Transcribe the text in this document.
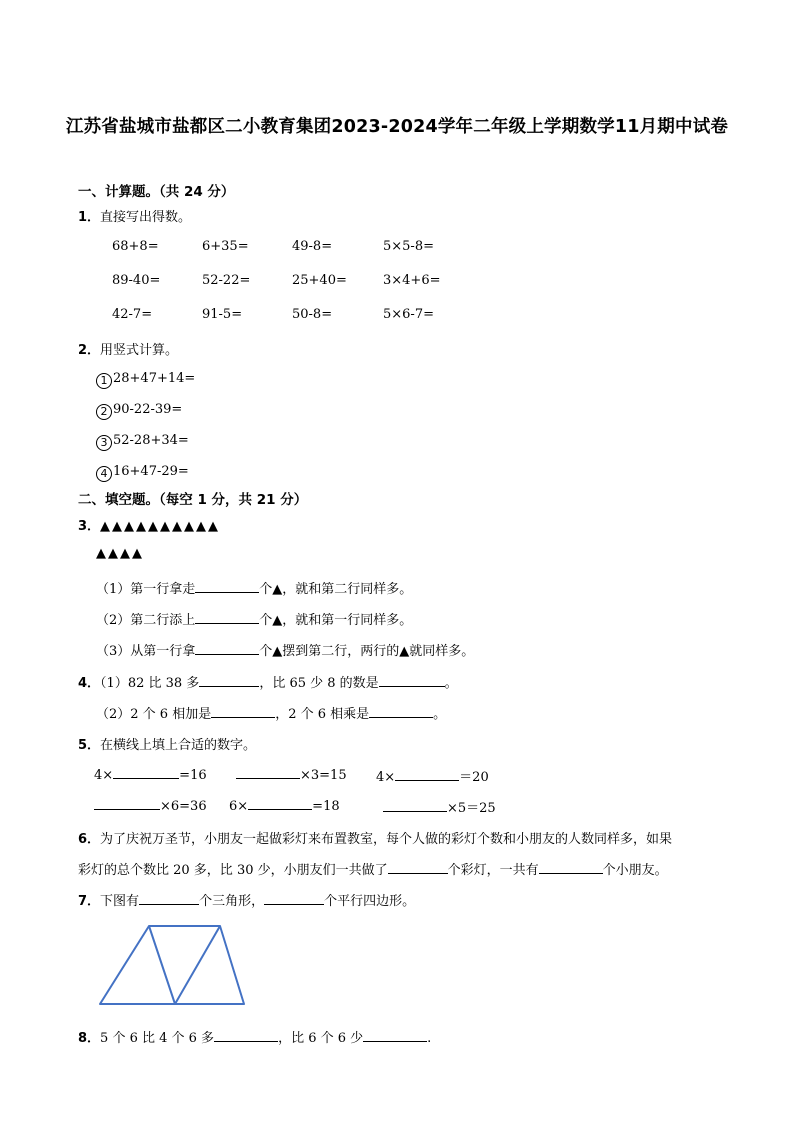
江苏省盐城市盐都区二小教育集团2023-2024学年二年级上学期数学11月期中试卷
一、计算题。（共 24 分）
1．直接写出得数。
68+8=	6+35=	49-8=	5×5-8=
89-40=	52-22=	25+40=	3×4+6=
42-7=	91-5=	50-8=	5×6-7=
2．用竖式计算。
1 28+47+14=
2 90-22-39=
3 52-28+34=
4 16+47-29=
二、填空题。（每空 1 分，共 21 分）
3．▲▲▲▲▲▲▲▲▲▲
▲▲▲▲
（1）第一行拿走	个▲，就和第二行同样多。
（2）第二行添上	个▲，就和第一行同样多。
（3）从第一行拿	个▲摆到第二行，两行的▲就同样多。
4．（1）82 比 38 多	，比 65 少 8 的数是	。
（2）2 个 6 相加是	，2 个 6 相乘是	。
5．在横线上填上合适的数字。
4×	=16	×3=15 4×	＝20
×6=36 6×	=18	×5＝25
6．为了庆祝万圣节，小朋友一起做彩灯来布置教室，每个人做的彩灯个数和小朋友的人数同样多，如果
彩灯的总个数比 20 多，比 30 少，小朋友们一共做了	个彩灯，一共有	个小朋友。
7．下图有	个三角形，	个平行四边形。
8．5 个 6 比 4 个 6 多	，比 6 个 6 少	.
